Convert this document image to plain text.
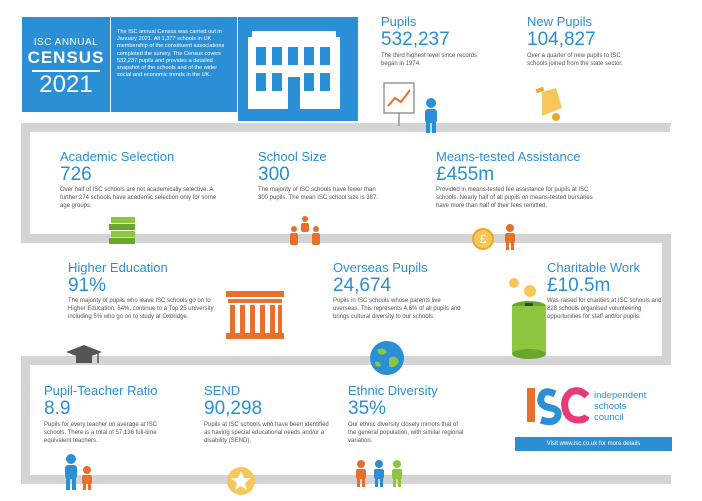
ISC ANNUAL
CENSUS
2021
The ISC annual Census was carried out in January 2021. All 1,377 schools in UK membership of the constituent associations completed the survey. The Census covers 532,237 pupils and provides a detailed snapshot of the schools and of the wider social and economic trends in the UK.
Pupils
532,237
The third highest level since records began in 1974.
New Pupils
104,827
Over a quarter of new pupils to ISC schools joined from the state sector.
Academic Selection
726
Over half of ISC schools are not academically selective. A further 274 schools have academic selection only for some age groups.
School Size
300
The majority of ISC schools have fewer than 300 pupils. The mean ISC school size is 387.
Means-tested Assistance
£455m
Provided in means-tested fee assistance for pupils at ISC schools. Nearly half of all pupils on means-tested bursaries have more than half of their fees remitted.
£
Higher Education
91%
The majority of pupils who leave ISC schools go on to Higher Education. 54%, continue to a Top 25 university including 5% who go on to study at Oxbridge.
Overseas Pupils
24,674
Pupils in ISC schools whose parents live overseas. This represents 4.6% of all pupils and brings cultural diversity to our schools.
Charitable Work
£10.5m
Was raised for charities at ISC schools and 828 schools organised volunteering opportunities for staff and/or pupils.
Pupil-Teacher Ratio
8.9
Pupils for every teacher on average at ISC schools. There is a total of 57,136 full-time equivalent teachers.
SEND
90,298
Pupils at ISC schools who have been identified as having special educational needs and/or a disability (SEND).
Ethnic Diversity
35%
Our ethnic diversity closely mirrors that of the general population, with similar regional variation.
independent
schools
council
Visit www.isc.co.uk for more details
